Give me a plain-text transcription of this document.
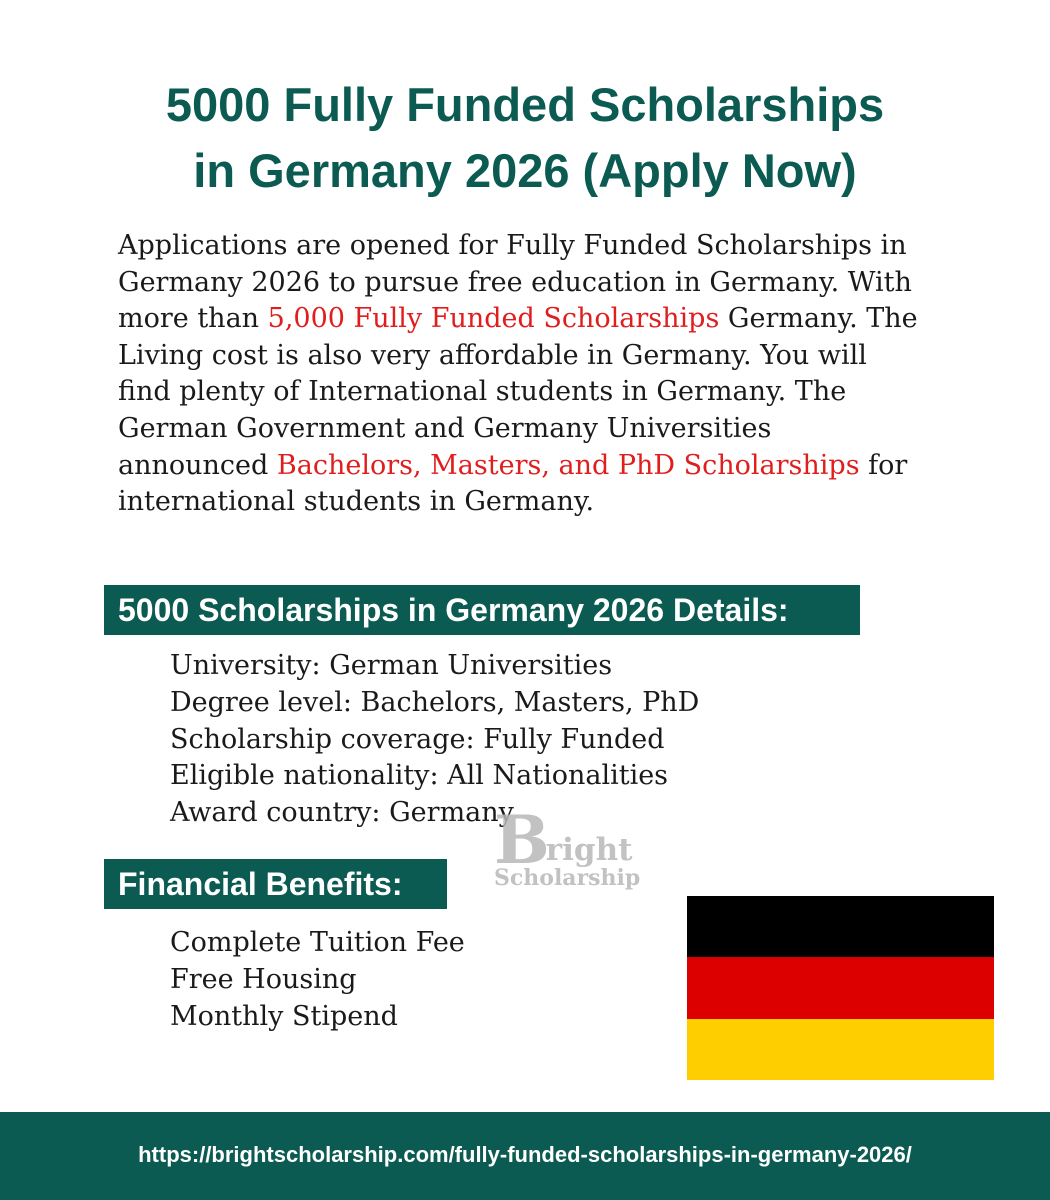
5000 Fully Funded Scholarships
in Germany 2026 (Apply Now)

Applications are opened for Fully Funded Scholarships in Germany 2026 to pursue free education in Germany. With more than 5,000 Fully Funded Scholarships Germany. The Living cost is also very affordable in Germany. You will find plenty of International students in Germany. The German Government and Germany Universities announced Bachelors, Masters, and PhD Scholarships for international students in Germany.

5000 Scholarships in Germany 2026 Details:
University: German Universities
Degree level: Bachelors, Masters, PhD
Scholarship coverage: Fully Funded
Eligible nationality: All Nationalities
Award country: Germany
Bright
Scholarship
Financial Benefits:
Complete Tuition Fee
Free Housing
Monthly Stipend
https://brightscholarship.com/fully-funded-scholarships-in-germany-2026/
